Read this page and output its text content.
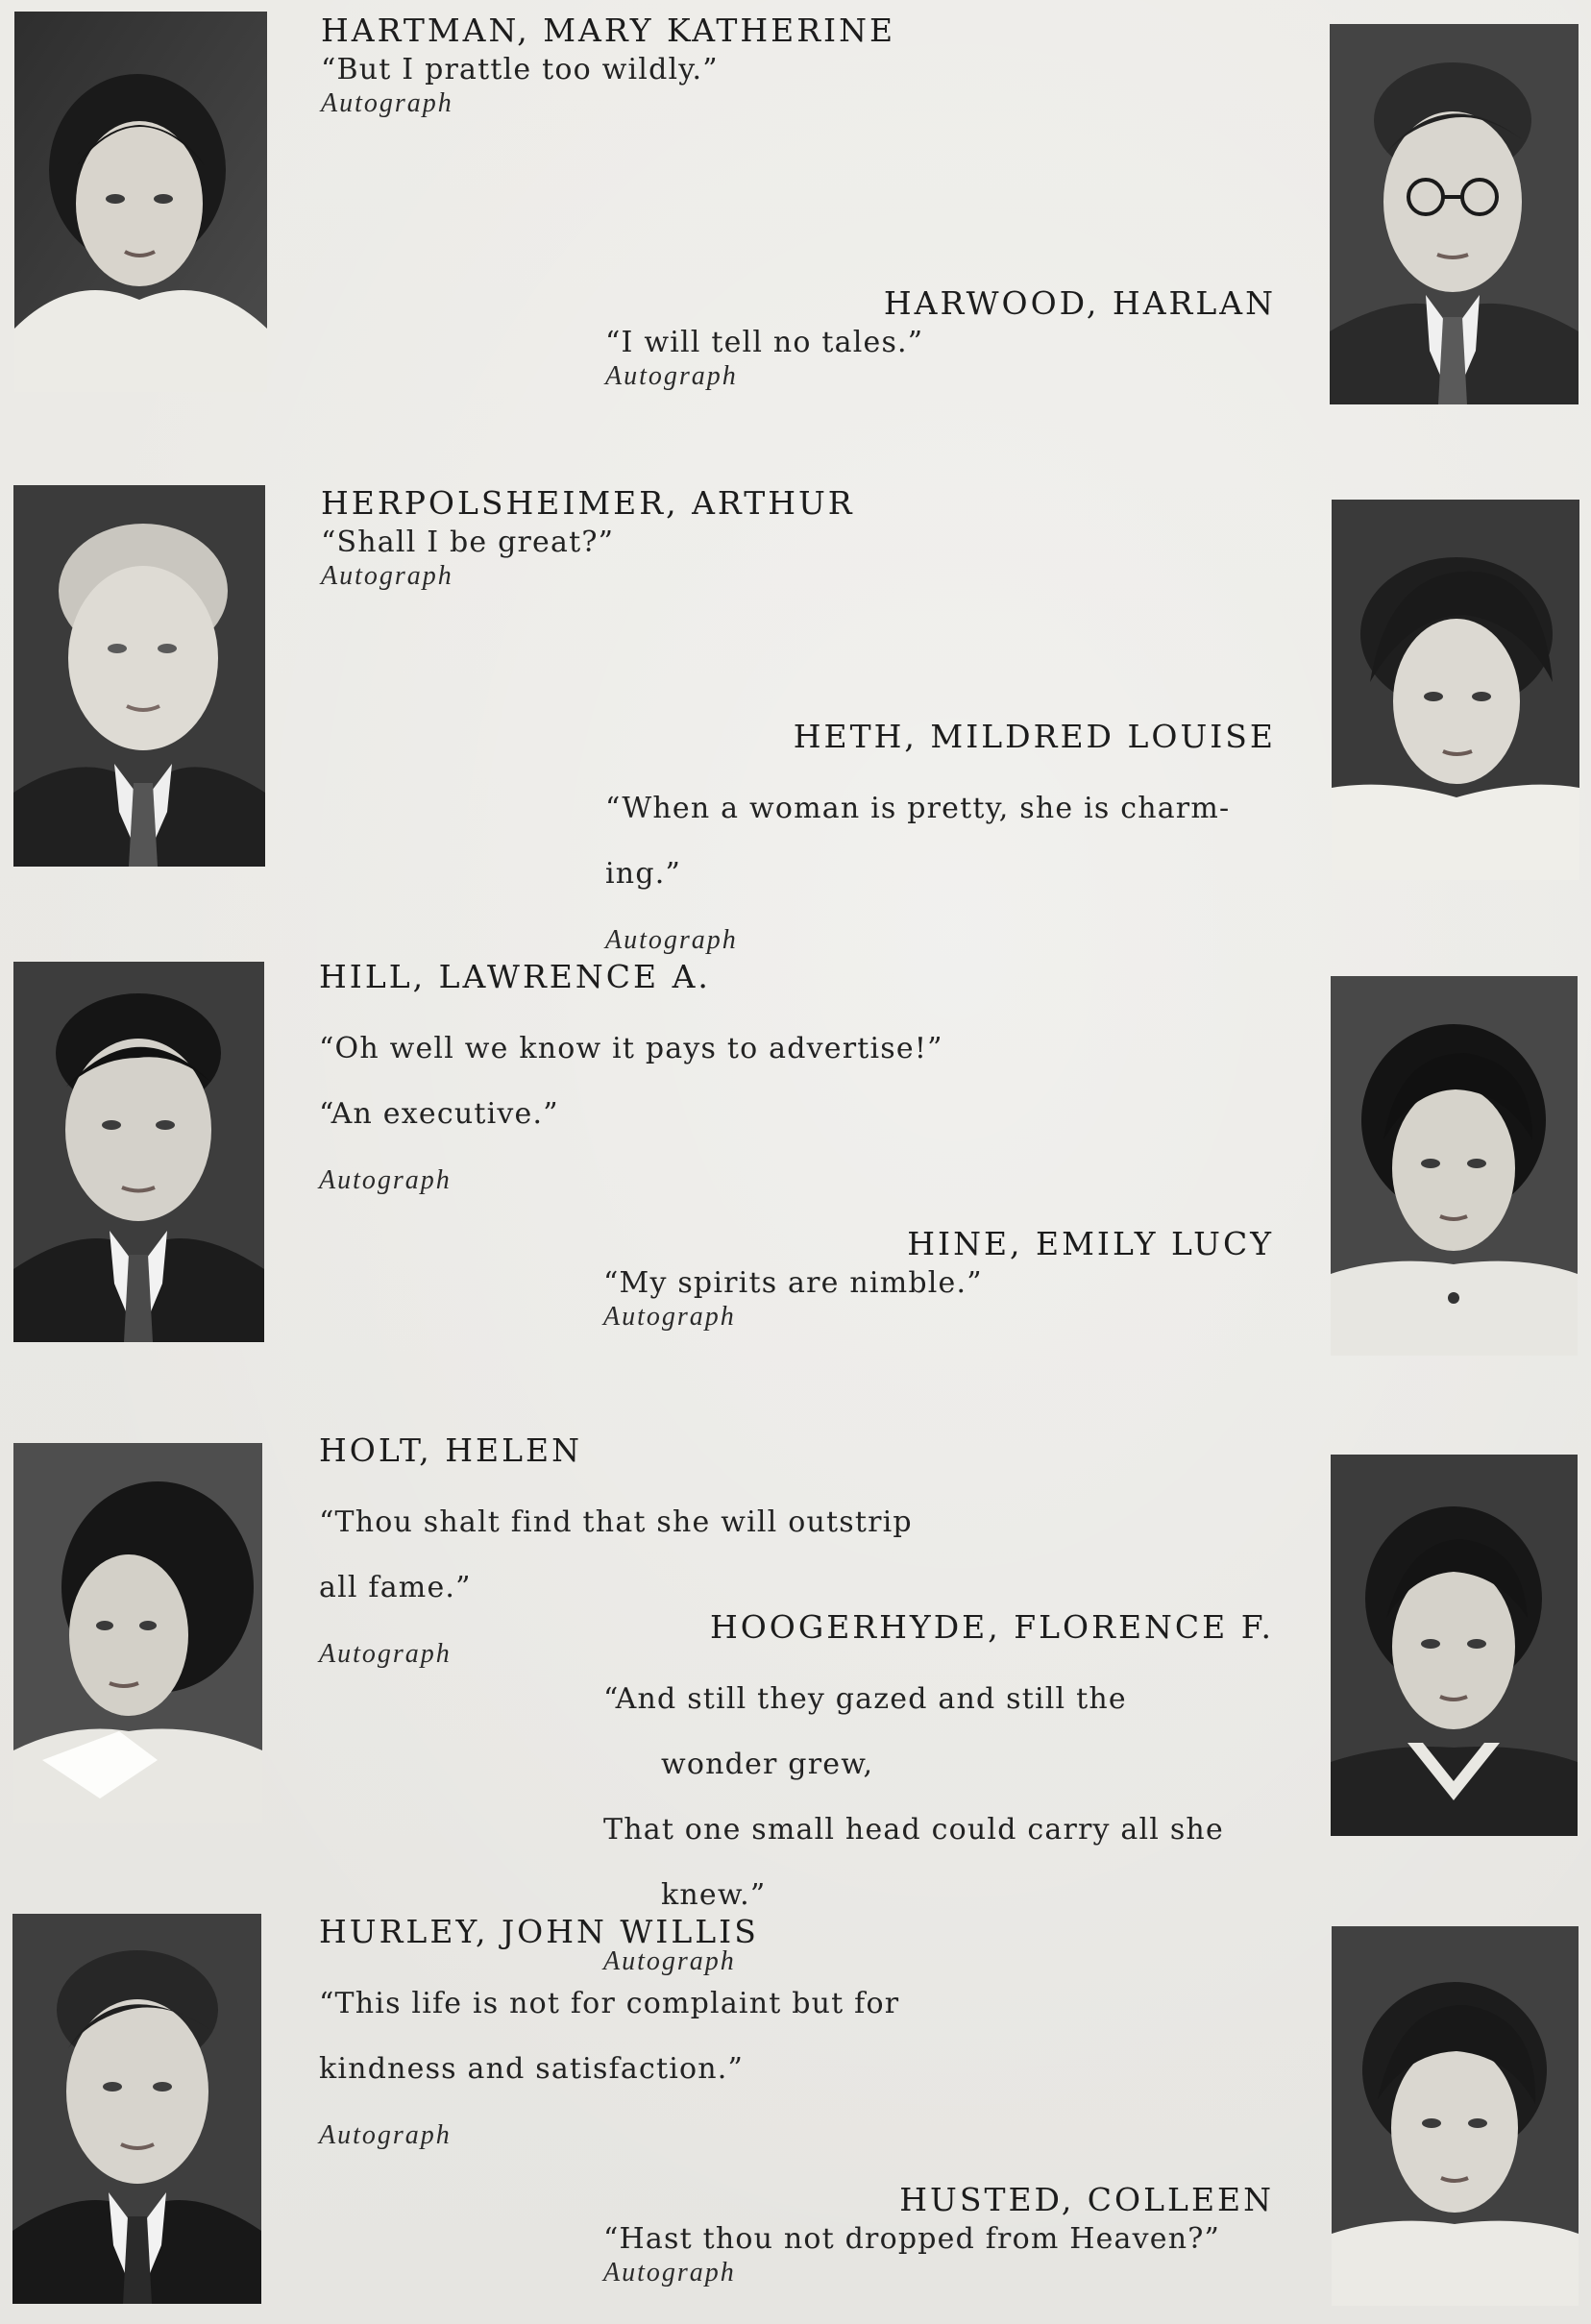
HARTMAN, MARY KATHERINE
“But I prattle too wildly.”
Autograph
HARWOOD, HARLAN
“I will tell no tales.”
Autograph
HERPOLSHEIMER, ARTHUR
“Shall I be great?”
Autograph
HETH, MILDRED LOUISE

“When a woman is pretty, she is charm-

ing.”

Autograph
HILL, LAWRENCE A.

“Oh well we know it pays to advertise!”

“An executive.”

Autograph
HINE, EMILY LUCY
“My spirits are nimble.”
Autograph
HOLT, HELEN

“Thou shalt find that she will outstrip

all fame.”

Autograph
HOOGERHYDE, FLORENCE F.

“And still they gazed and still the

wonder grew,

That one small head could carry all she

knew.”

Autograph
HURLEY, JOHN WILLIS

“This life is not for complaint but for

kindness and satisfaction.”

Autograph
HUSTED, COLLEEN
“Hast thou not dropped from Heaven?”
Autograph
